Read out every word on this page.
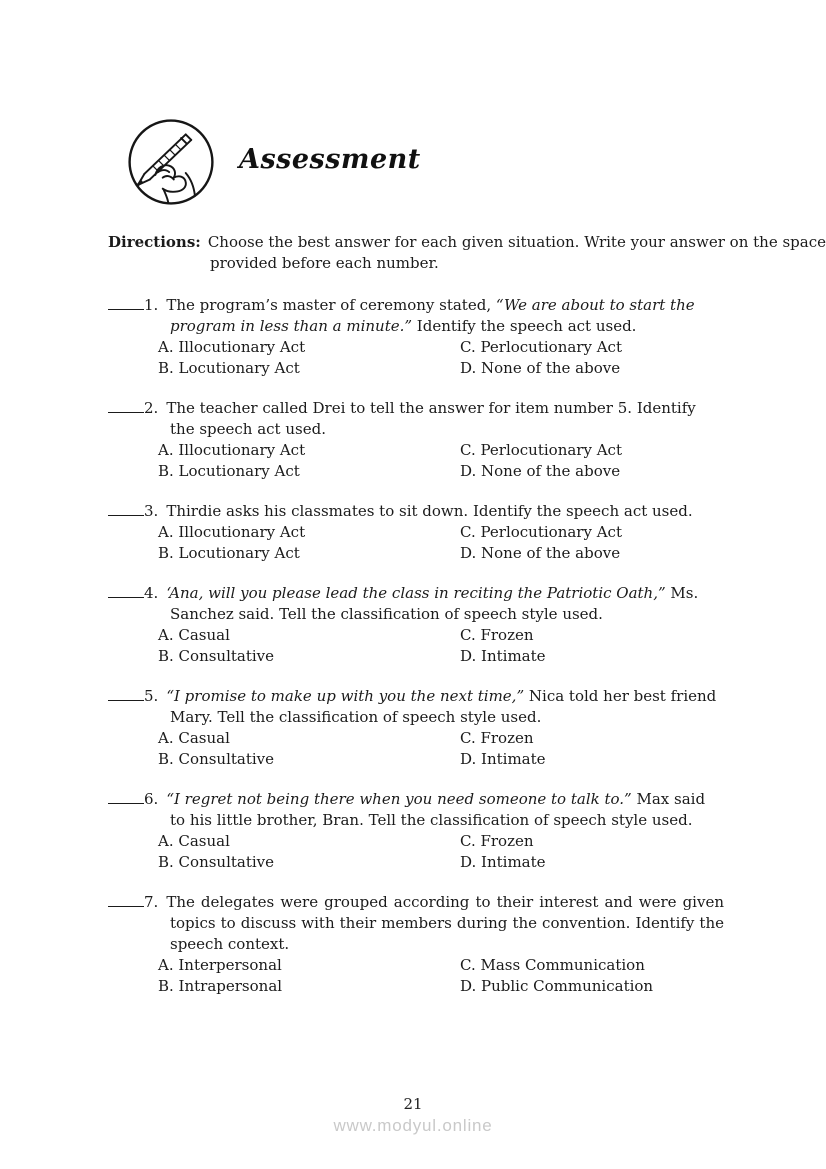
Assessment

Directions: Choose the best answer for each given situation. Write your answer on the space provided before each number.

1. The program’s master of ceremony stated, “We are about to start the program in less than a minute.” Identify the speech act used.

A. Illocutionary Act
B. Locutionary Act
C. Perlocutionary Act
D. None of the above

2. The teacher called Drei to tell the answer for item number 5. Identify the speech act used.

A. Illocutionary Act
B. Locutionary Act
C. Perlocutionary Act
D. None of the above

3. Thirdie asks his classmates to sit down. Identify the speech act used.

A. Illocutionary Act
B. Locutionary Act
C. Perlocutionary Act
D. None of the above

4. ‘Ana, will you please lead the class in reciting the Patriotic Oath,” Ms. Sanchez said. Tell the classification of speech style used.

A. Casual
B. Consultative
C. Frozen
D. Intimate

5. “I promise to make up with you the next time,” Nica told her best friend Mary. Tell the classification of speech style used.

A. Casual
B. Consultative
C. Frozen
D. Intimate

6. “I regret not being there when you need someone to talk to.” Max said to his little brother, Bran. Tell the classification of speech style used.

A. Casual
B. Consultative
C. Frozen
D. Intimate

7. The delegates were grouped according to their interest and were given topics to discuss with their members during the convention. Identify the speech context.

A. Interpersonal
B. Intrapersonal
C. Mass Communication
D. Public Communication
21
www.modyul.online
